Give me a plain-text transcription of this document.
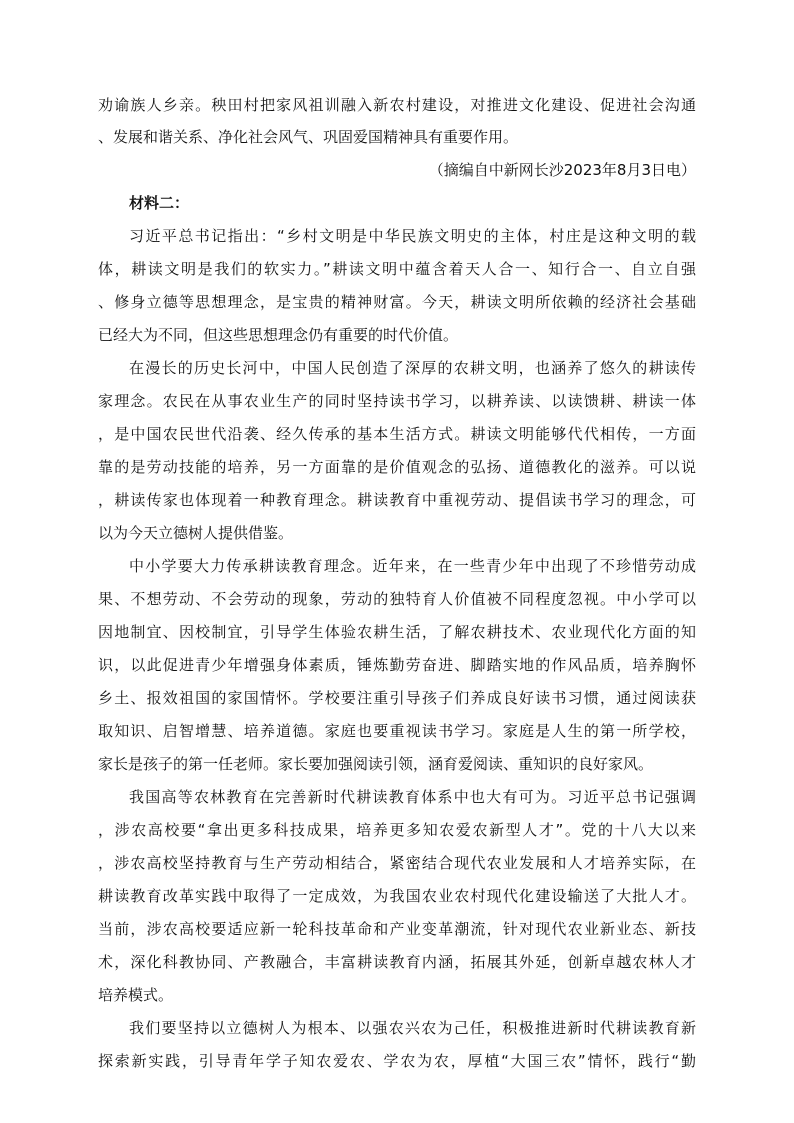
劝谕族人乡亲。秧田村把家风祖训融入新农村建设，对推进文化建设、促进社会沟通
、发展和谐关系、净化社会风气、巩固爱国精神具有重要作用。
（摘编自中新网长沙2023年8月3日电）
材料二：
习近平总书记指出：“乡村文明是中华民族文明史的主体，村庄是这种文明的载
体，耕读文明是我们的软实力。”耕读文明中蕴含着天人合一、知行合一、自立自强
、修身立德等思想理念，是宝贵的精神财富。今天，耕读文明所依赖的经济社会基础
已经大为不同，但这些思想理念仍有重要的时代价值。
在漫长的历史长河中，中国人民创造了深厚的农耕文明，也涵养了悠久的耕读传
家理念。农民在从事农业生产的同时坚持读书学习，以耕养读、以读馈耕、耕读一体
，是中国农民世代沿袭、经久传承的基本生活方式。耕读文明能够代代相传，一方面
靠的是劳动技能的培养，另一方面靠的是价值观念的弘扬、道德教化的滋养。可以说
，耕读传家也体现着一种教育理念。耕读教育中重视劳动、提倡读书学习的理念，可
以为今天立德树人提供借鉴。
中小学要大力传承耕读教育理念。近年来，在一些青少年中出现了不珍惜劳动成
果、不想劳动、不会劳动的现象，劳动的独特育人价值被不同程度忽视。中小学可以
因地制宜、因校制宜，引导学生体验农耕生活，了解农耕技术、农业现代化方面的知
识，以此促进青少年增强身体素质，锤炼勤劳奋进、脚踏实地的作风品质，培养胸怀
乡土、报效祖国的家国情怀。学校要注重引导孩子们养成良好读书习惯，通过阅读获
取知识、启智增慧、培养道德。家庭也要重视读书学习。家庭是人生的第一所学校，
家长是孩子的第一任老师。家长要加强阅读引领，涵育爱阅读、重知识的良好家风。
我国高等农林教育在完善新时代耕读教育体系中也大有可为。习近平总书记强调
，涉农高校要“拿出更多科技成果，培养更多知农爱农新型人才”。党的十八大以来
，涉农高校坚持教育与生产劳动相结合，紧密结合现代农业发展和人才培养实际，在
耕读教育改革实践中取得了一定成效，为我国农业农村现代化建设输送了大批人才。
当前，涉农高校要适应新一轮科技革命和产业变革潮流，针对现代农业新业态、新技
术，深化科教协同、产教融合，丰富耕读教育内涵，拓展其外延，创新卓越农林人才
培养模式。
我们要坚持以立德树人为根本、以强农兴农为己任，积极推进新时代耕读教育新
探索新实践，引导青年学子知农爱农、学农为农，厚植“大国三农”情怀，践行“勤
